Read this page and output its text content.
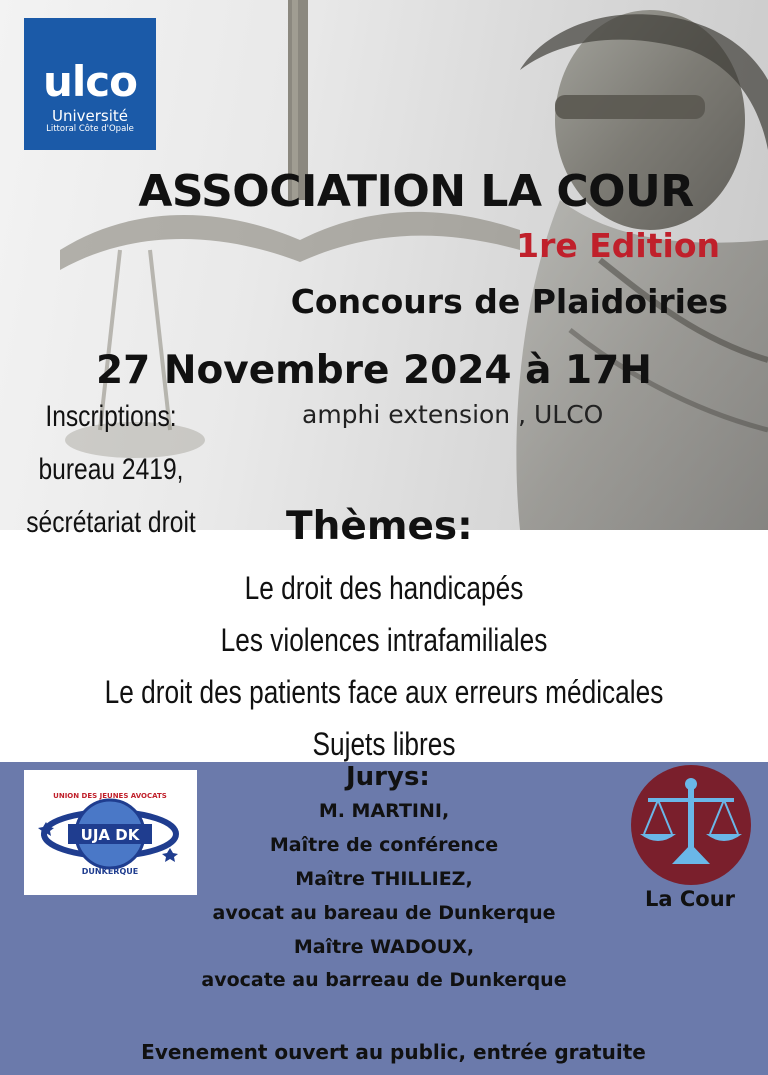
ulco
Université
Littoral Côte d'Opale
ASSOCIATION LA COUR
1re Edition
Concours de Plaidoiries
27 Novembre 2024 à 17H
amphi extension , ULCO
Inscriptions:
bureau 2419,
sécrétariat droit Thèmes:
Le droit des handicapés
Les violences intrafamiliales
Le droit des patients face aux erreurs médicales
Sujets libres
UJA DK
UNION DES JEUNES AVOCATS
DUNKERQUE
Jurys:
M. MARTINI,
Maître de conférence
Maître THILLIEZ,
avocat au bareau de Dunkerque
Maître WADOUX,
avocate au barreau de Dunkerque
La Cour
Evenement ouvert au public, entrée gratuite
